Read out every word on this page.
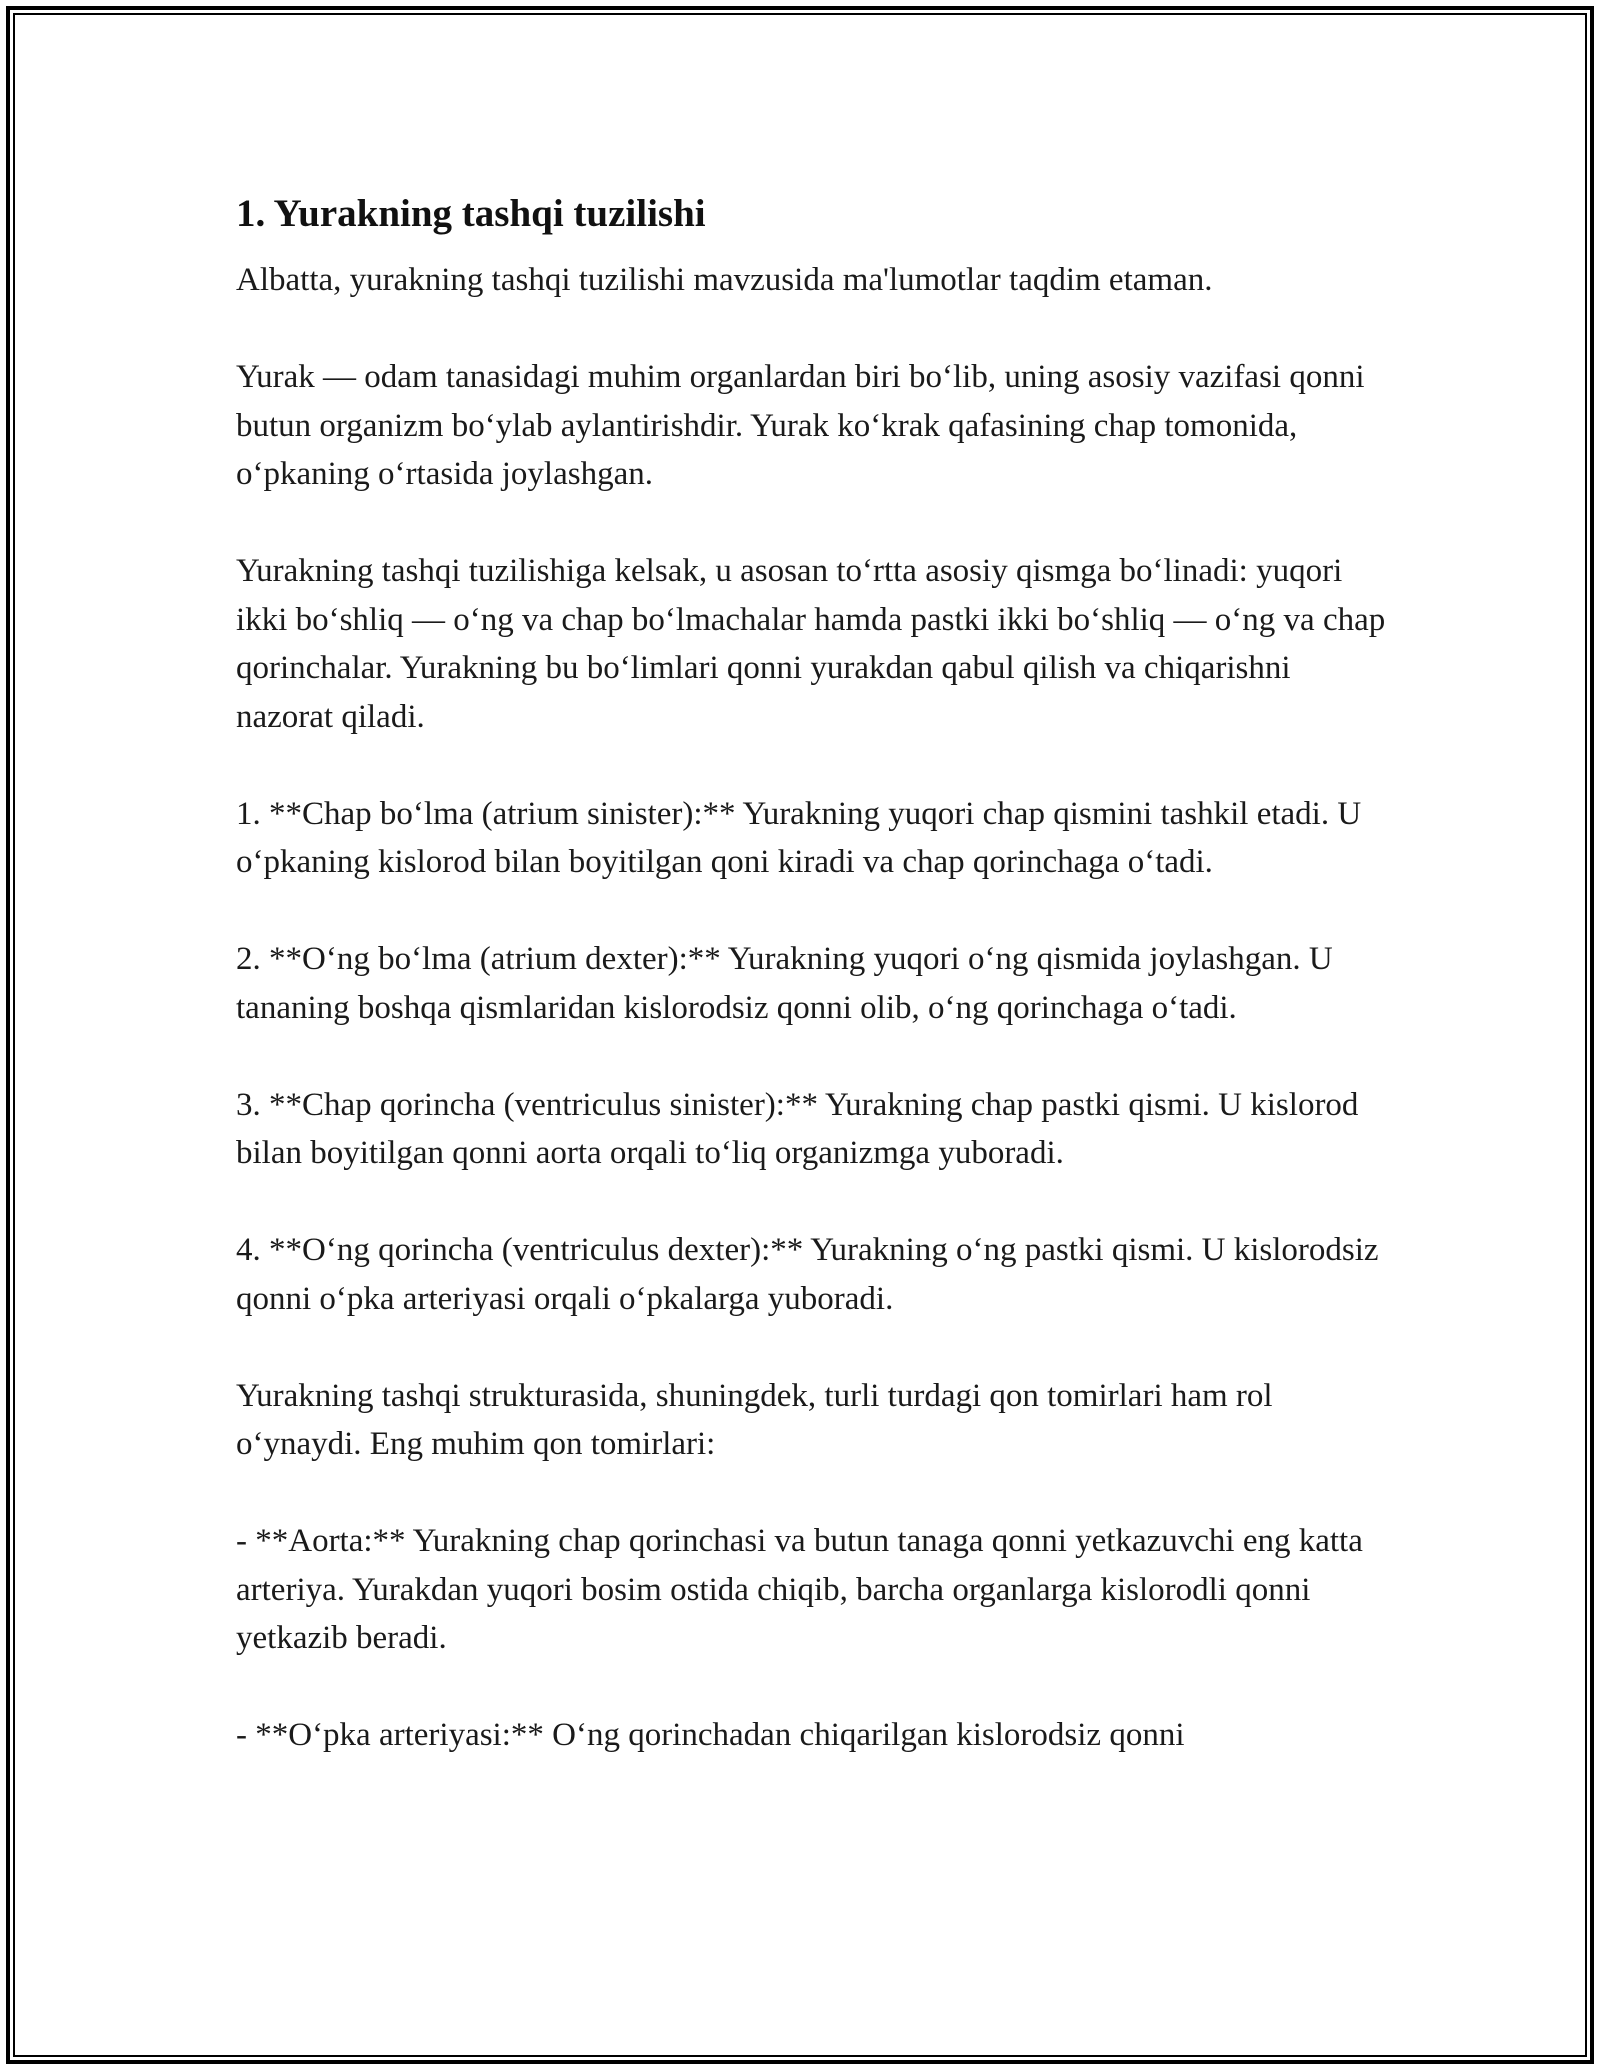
1. Yurakning tashqi tuzilishi

Albatta, yurakning tashqi tuzilishi mavzusida ma'lumotlar taqdim etaman.

Yurak — odam tanasidagi muhim organlardan biri bo‘lib, uning asosiy vazifasi qonni butun organizm bo‘ylab aylantirishdir. Yurak ko‘krak qafasining chap tomonida, o‘pkaning o‘rtasida joylashgan.

Yurakning tashqi tuzilishiga kelsak, u asosan to‘rtta asosiy qismga bo‘linadi: yuqori ikki bo‘shliq — o‘ng va chap bo‘lmachalar hamda pastki ikki bo‘shliq — o‘ng va chap qorinchalar. Yurakning bu bo‘limlari qonni yurakdan qabul qilish va chiqarishni nazorat qiladi.

1. **Chap bo‘lma (atrium sinister):** Yurakning yuqori chap qismini tashkil etadi. U o‘pkaning kislorod bilan boyitilgan qoni kiradi va chap qorinchaga o‘tadi.

2. **O‘ng bo‘lma (atrium dexter):** Yurakning yuqori o‘ng qismida joylashgan. U tananing boshqa qismlaridan kislorodsiz qonni olib, o‘ng qorinchaga o‘tadi.

3. **Chap qorincha (ventriculus sinister):** Yurakning chap pastki qismi. U kislorod bilan boyitilgan qonni aorta orqali to‘liq organizmga yuboradi.

4. **O‘ng qorincha (ventriculus dexter):** Yurakning o‘ng pastki qismi. U kislorodsiz qonni o‘pka arteriyasi orqali o‘pkalarga yuboradi.

Yurakning tashqi strukturasida, shuningdek, turli turdagi qon tomirlari ham rol o‘ynaydi. Eng muhim qon tomirlari:

- **Aorta:** Yurakning chap qorinchasi va butun tanaga qonni yetkazuvchi eng katta arteriya. Yurakdan yuqori bosim ostida chiqib, barcha organlarga kislorodli qonni yetkazib beradi.

- **O‘pka arteriyasi:** O‘ng qorinchadan chiqarilgan kislorodsiz qonni
